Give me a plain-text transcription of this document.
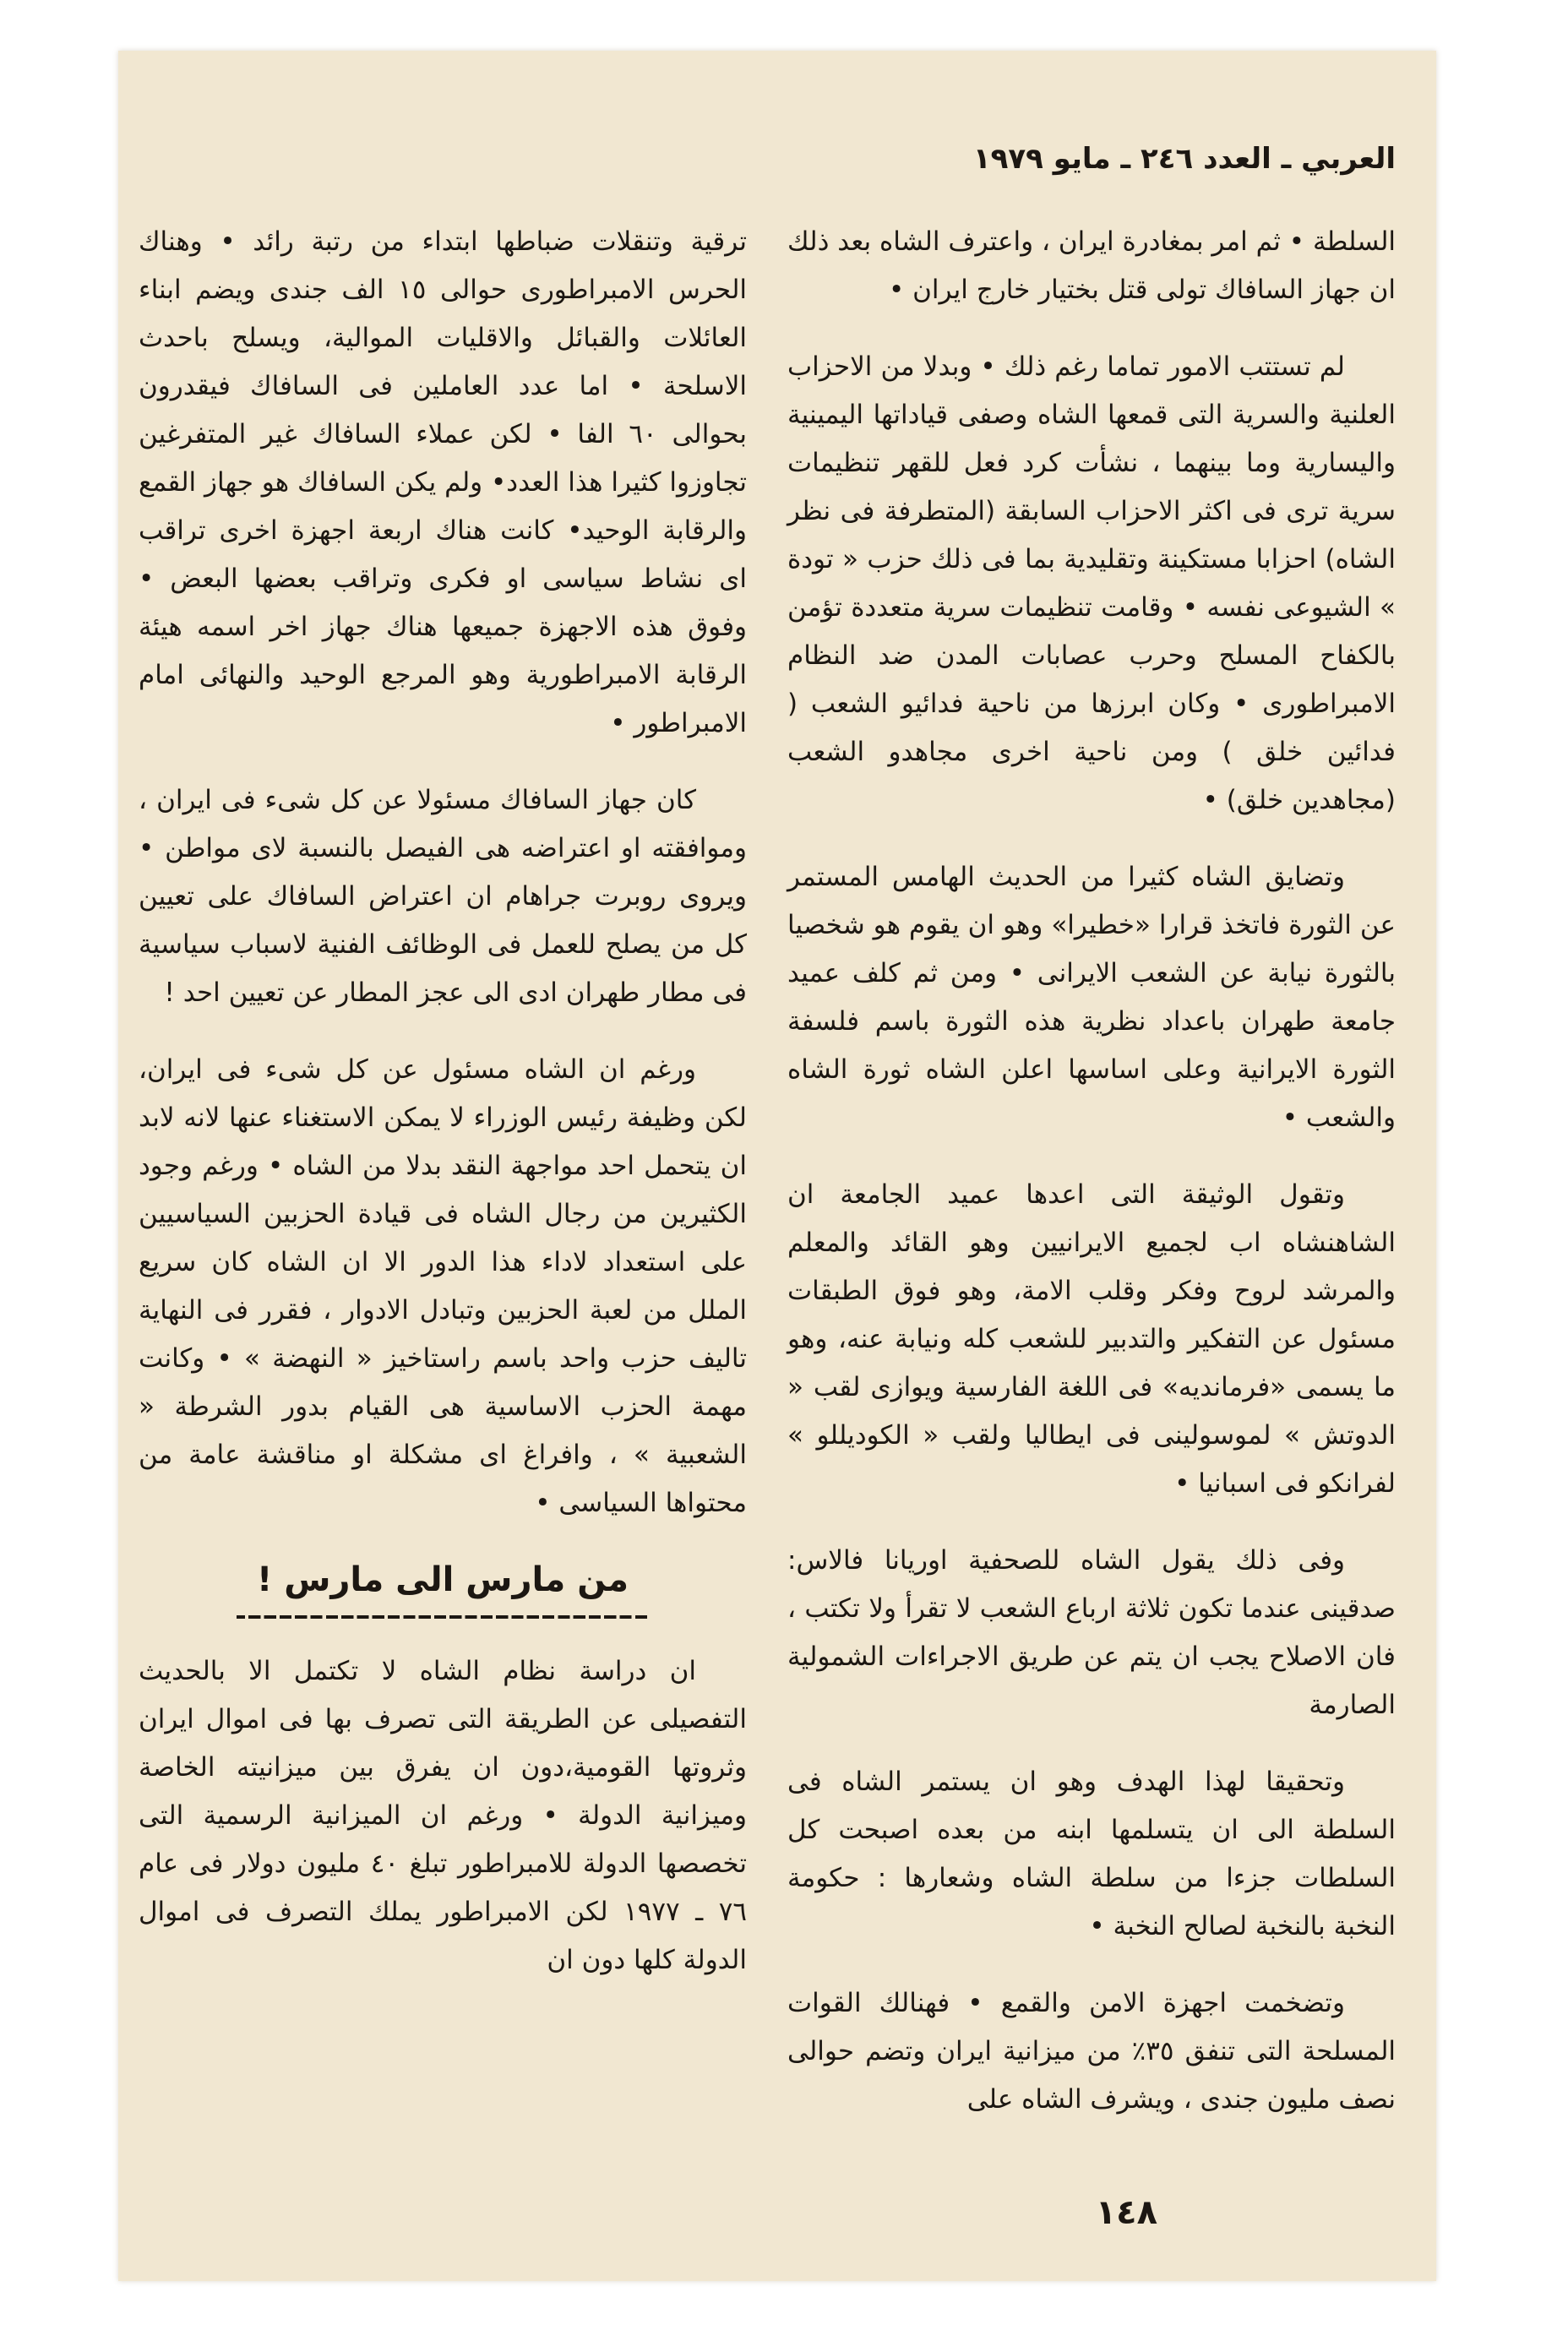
العربي ـ العدد ٢٤٦ ـ مايو ١٩٧٩

السلطة • ثم امر بمغادرة ايران ، واعترف الشاه بعد ذلك ان جهاز السافاك تولى قتل بختيار خارج ايران •

لم تستتب الامور تماما رغم ذلك • وبدلا من الاحزاب العلنية والسرية التى قمعها الشاه وصفى قياداتها اليمينية واليسارية وما بينهما ، نشأت كرد فعل للقهر تنظيمات سرية ترى فى اكثر الاحزاب السابقة (المتطرفة فى نظر الشاه) احزابا مستكينة وتقليدية بما فى ذلك حزب « تودة » الشيوعى نفسه • وقامت تنظيمات سرية متعددة تؤمن بالكفاح المسلح وحرب عصابات المدن ضد النظام الامبراطورى • وكان ابرزها من ناحية فدائيو الشعب ( فدائين خلق ) ومن ناحية اخرى مجاهدو الشعب (مجاهدين خلق) •

وتضايق الشاه كثيرا من الحديث الهامس المستمر عن الثورة فاتخذ قرارا «خطيرا» وهو ان يقوم هو شخصيا بالثورة نيابة عن الشعب الايرانى • ومن ثم كلف عميد جامعة طهران باعداد نظرية هذه الثورة باسم فلسفة الثورة الايرانية وعلى اساسها اعلن الشاه ثورة الشاه والشعب •

وتقول الوثيقة التى اعدها عميد الجامعة ان الشاهنشاه اب لجميع الايرانيين وهو القائد والمعلم والمرشد لروح وفكر وقلب الامة، وهو فوق الطبقات مسئول عن التفكير والتدبير للشعب كله ونيابة عنه، وهو ما يسمى «فرمانديه» فى اللغة الفارسية ويوازى لقب « الدوتش » لموسولينى فى ايطاليا ولقب « الكوديللو » لفرانكو فى اسبانيا •

وفى ذلك يقول الشاه للصحفية اوريانا فالاس: صدقينى عندما تكون ثلاثة ارباع الشعب لا تقرأ ولا تكتب ، فان الاصلاح يجب ان يتم عن طريق الاجراءات الشمولية الصارمة

وتحقيقا لهذا الهدف وهو ان يستمر الشاه فى السلطة الى ان يتسلمها ابنه من بعده اصبحت كل السلطات جزءا من سلطة الشاه وشعارها : حكومة النخبة بالنخبة لصالح النخبة •

وتضخمت اجهزة الامن والقمع • فهنالك القوات المسلحة التى تنفق ٣٥٪ من ميزانية ايران وتضم حوالى نصف مليون جندى ، ويشرف الشاه على

ترقية وتنقلات ضباطها ابتداء من رتبة رائد • وهناك الحرس الامبراطورى حوالى ١٥ الف جندى ويضم ابناء العائلات والقبائل والاقليات الموالية، ويسلح باحدث الاسلحة • اما عدد العاملين فى السافاك فيقدرون بحوالى ٦٠ الفا • لكن عملاء السافاك غير المتفرغين تجاوزوا كثيرا هذا العدد• ولم يكن السافاك هو جهاز القمع والرقابة الوحيد• كانت هناك اربعة اجهزة اخرى تراقب اى نشاط سياسى او فكرى وتراقب بعضها البعض • وفوق هذه الاجهزة جميعها هناك جهاز اخر اسمه هيئة الرقابة الامبراطورية وهو المرجع الوحيد والنهائى امام الامبراطور •

كان جهاز السافاك مسئولا عن كل شىء فى ايران ، وموافقته او اعتراضه هى الفيصل بالنسبة لاى مواطن • ويروى روبرت جراهام ان اعتراض السافاك على تعيين كل من يصلح للعمل فى الوظائف الفنية لاسباب سياسية فى مطار طهران ادى الى عجز المطار عن تعيين احد !

ورغم ان الشاه مسئول عن كل شىء فى ايران، لكن وظيفة رئيس الوزراء لا يمكن الاستغناء عنها لانه لابد ان يتحمل احد مواجهة النقد بدلا من الشاه • ورغم وجود الكثيرين من رجال الشاه فى قيادة الحزبين السياسيين على استعداد لاداء هذا الدور الا ان الشاه كان سريع الملل من لعبة الحزبين وتبادل الادوار ، فقرر فى النهاية تاليف حزب واحد باسم راستاخيز « النهضة » • وكانت مهمة الحزب الاساسية هى القيام بدور الشرطة « الشعبية » ، وافراغ اى مشكلة او مناقشة عامة من محتواها السياسى •

من مارس الى مارس !

ان دراسة نظام الشاه لا تكتمل الا بالحديث التفصيلى عن الطريقة التى تصرف بها فى اموال ايران وثروتها القومية،دون ان يفرق بين ميزانيته الخاصة وميزانية الدولة • ورغم ان الميزانية الرسمية التى تخصصها الدولة للامبراطور تبلغ ٤٠ مليون دولار فى عام ٧٦ ـ ١٩٧٧ لكن الامبراطور يملك التصرف فى اموال الدولة كلها دون ان

١٤٨
